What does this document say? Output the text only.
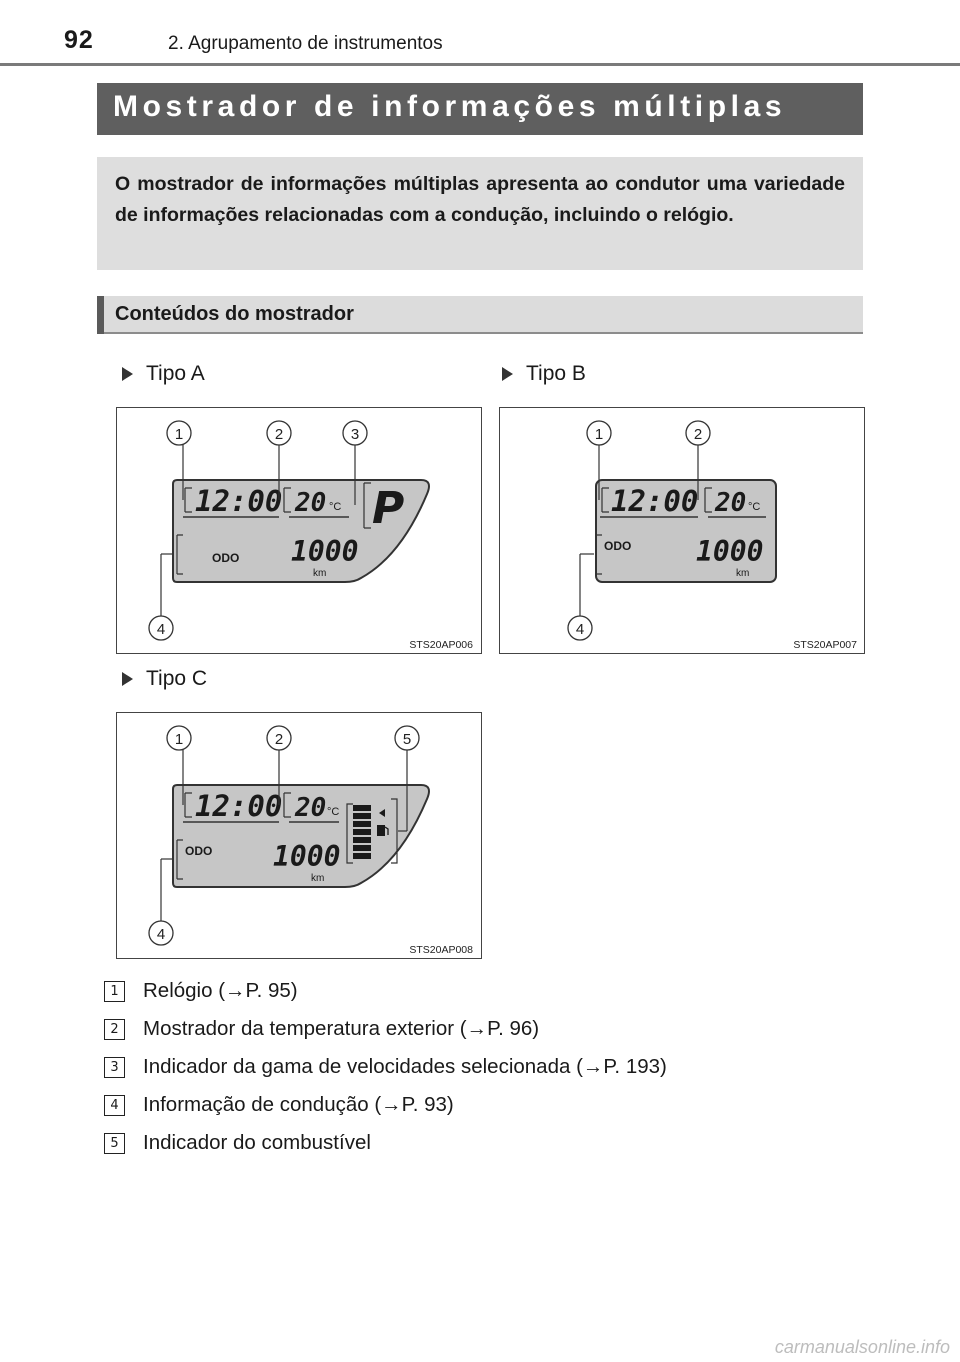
92	2. Agrupamento de instrumentos
Mostrador de informações múltiplas
O mostrador de informações múltiplas apresenta ao condutor uma variedade de informações relacionadas com a condução, incluindo o relógio.
Conteúdos do mostrador
Tipo A	Tipo B
Tipo C
12:00 20 °C P
ODO 1000
km
1	2	3
4
STS20AP006
12:00 20 °C
ODO 1000
km
1	2
4
STS20AP007
12:00 20 °C
ODO 1000
km
1	2	5
4
STS20AP008
1	Relógio (→P. 95)
2	Mostrador da temperatura exterior (→P. 96)
3	Indicador da gama de velocidades selecionada (→P. 193)
4	Informação de condução (→P. 93)
5	Indicador do combustível
carmanualsonline.info
